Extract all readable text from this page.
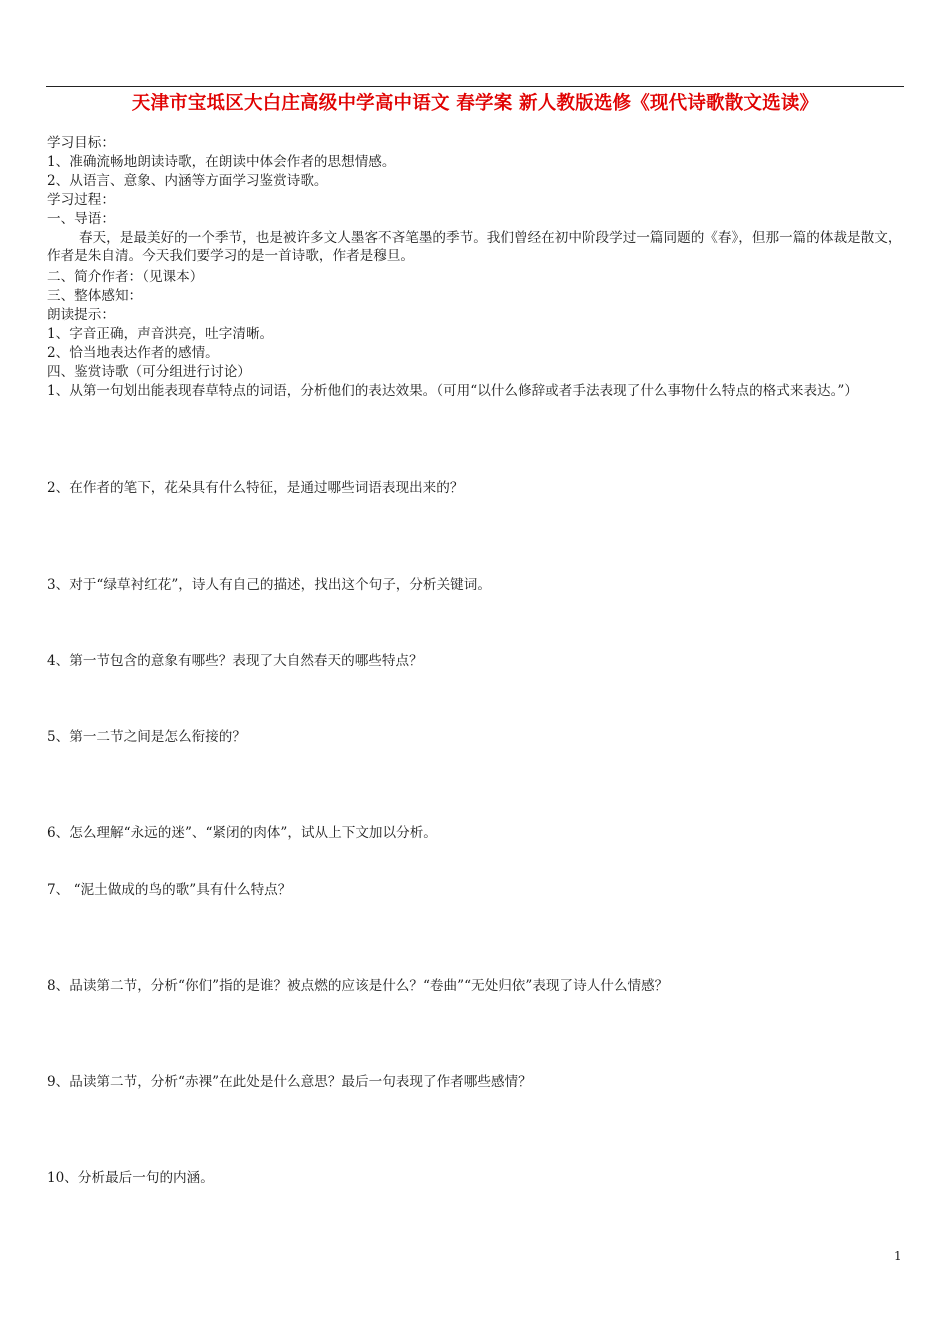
天津市宝坻区大白庄高级中学高中语文 春学案 新人教版选修《现代诗歌散文选读》
学习目标：
1、准确流畅地朗读诗歌，在朗读中体会作者的思想情感。
2、从语言、意象、内涵等方面学习鉴赏诗歌。
学习过程：
一、导语：
春天，是最美好的一个季节，也是被许多文人墨客不吝笔墨的季节。我们曾经在初中阶段学过一篇同题的《春》，但那一篇的体裁是散文，作者是朱自清。今天我们要学习的是一首诗歌，作者是穆旦。
二、简介作者：（见课本）
三、整体感知：
朗读提示：
1、字音正确，声音洪亮，吐字清晰。
2、恰当地表达作者的感情。
四、鉴赏诗歌（可分组进行讨论）
1、从第一句划出能表现春草特点的词语，分析他们的表达效果。（可用“以什么修辞或者手法表现了什么事物什么特点的格式来表达。”）
2、在作者的笔下，花朵具有什么特征，是通过哪些词语表现出来的？
3、对于“绿草衬红花”，诗人有自己的描述，找出这个句子，分析关键词。
4、第一节包含的意象有哪些？表现了大自然春天的哪些特点？
5、第一二节之间是怎么衔接的？
6、怎么理解“永远的迷”、“紧闭的肉体”，试从上下文加以分析。
7、 “泥土做成的鸟的歌”具有什么特点？
8、品读第二节，分析“你们”指的是谁？被点燃的应该是什么？“卷曲”“无处归依”表现了诗人什么情感？
9、品读第二节，分析“赤裸”在此处是什么意思？最后一句表现了作者哪些感情？
10、分析最后一句的内涵。
1
